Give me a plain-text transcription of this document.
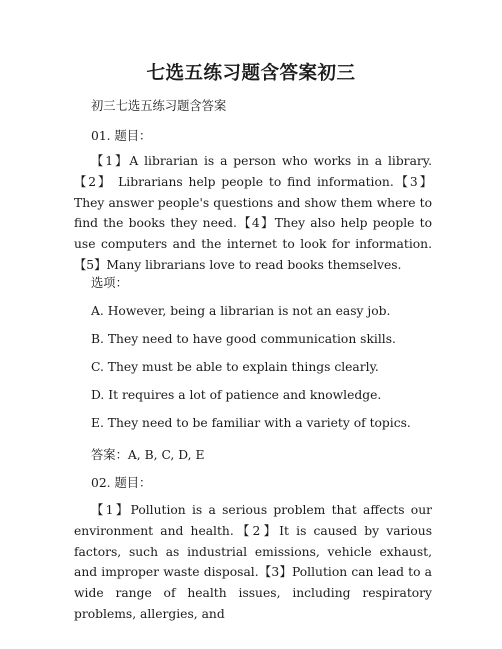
七选五练习题含答案初三
初三七选五练习题含答案
01. 题目：
【1】A librarian is a person who works in a library.【2】 Librarians help people to find information.【3】They answer people's questions and show them where to find the books they need.【4】They also help people to use computers and the internet to look for information.【5】Many librarians love to read books themselves.
选项：
A. However, being a librarian is not an easy job.
B. They need to have good communication skills.
C. They must be able to explain things clearly.
D. It requires a lot of patience and knowledge.
E. They need to be familiar with a variety of topics.
答案：A, B, C, D, E
02. 题目：
【1】Pollution is a serious problem that affects our environment and health.【2】It is caused by various factors, such as industrial emissions, vehicle exhaust, and improper waste disposal.【3】Pollution can lead to a wide range of health issues, including respiratory problems, allergies, and
